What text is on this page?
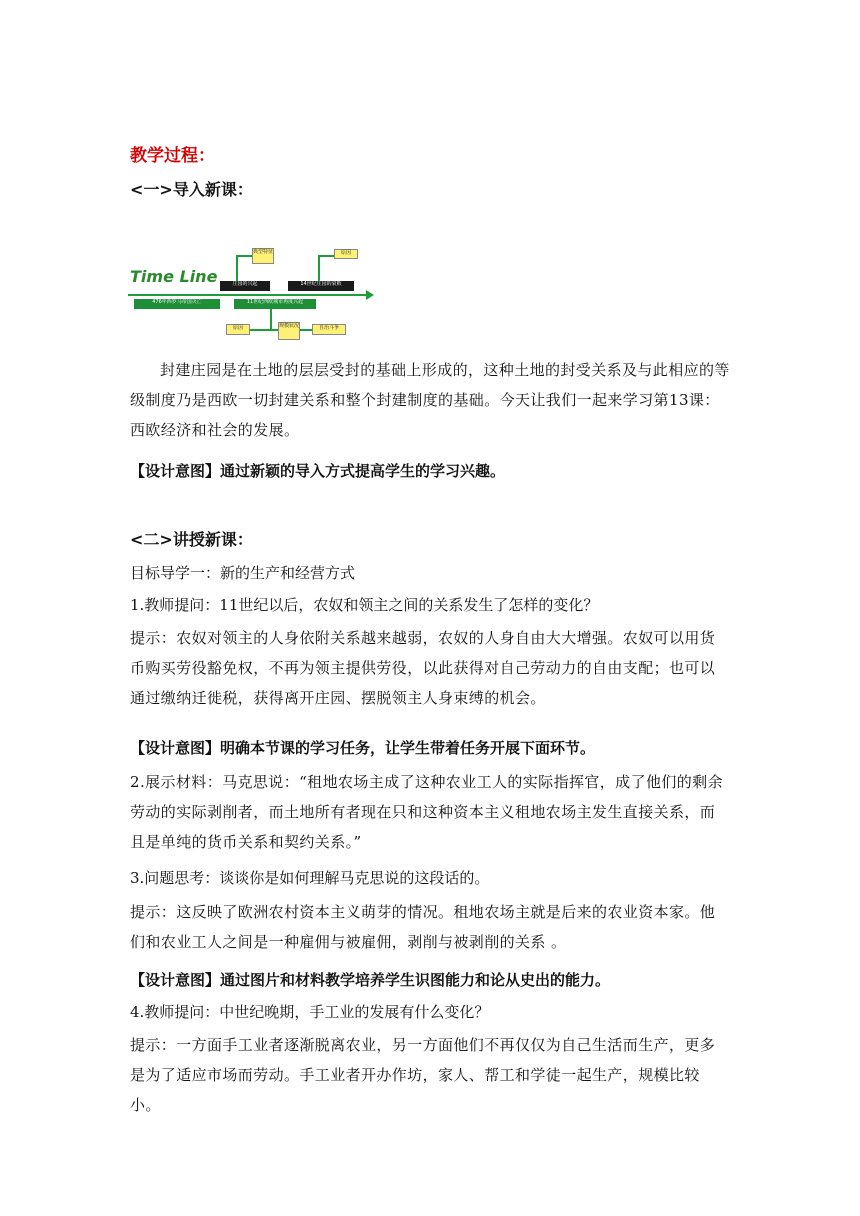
教学过程：
<一>导入新课：
Time Line
典型特征	原因
庄园的兴起	14世纪庄园的衰败
476年西罗马帝国灭亡	11世纪西欧城市再度兴起
原因	规模状况	自治斗争
封建庄园是在土地的层层受封的基础上形成的，这种土地的封受关系及与此相应的等级制度乃是西欧一切封建关系和整个封建制度的基础。今天让我们一起来学习第13课：西欧经济和社会的发展。
【设计意图】通过新颖的导入方式提高学生的学习兴趣。
<二>讲授新课：
目标导学一：新的生产和经营方式
1.教师提问：11世纪以后，农奴和领主之间的关系发生了怎样的变化？
提示：农奴对领主的人身依附关系越来越弱，农奴的人身自由大大增强。农奴可以用货币购买劳役豁免权，不再为领主提供劳役，以此获得对自己劳动力的自由支配；也可以通过缴纳迁徙税，获得离开庄园、摆脱领主人身束缚的机会。
【设计意图】明确本节课的学习任务，让学生带着任务开展下面环节。
2.展示材料：马克思说：“租地农场主成了这种农业工人的实际指挥官，成了他们的剩余劳动的实际剥削者，而土地所有者现在只和这种资本主义租地农场主发生直接关系，而且是单纯的货币关系和契约关系。”
3.问题思考：谈谈你是如何理解马克思说的这段话的。
提示：这反映了欧洲农村资本主义萌芽的情况。租地农场主就是后来的农业资本家。他们和农业工人之间是一种雇佣与被雇佣，剥削与被剥削的关系 。
【设计意图】通过图片和材料教学培养学生识图能力和论从史出的能力。
4.教师提问：中世纪晚期，手工业的发展有什么变化？
提示：一方面手工业者逐渐脱离农业，另一方面他们不再仅仅为自己生活而生产，更多是为了适应市场而劳动。手工业者开办作坊，家人、帮工和学徒一起生产，规模比较小。
